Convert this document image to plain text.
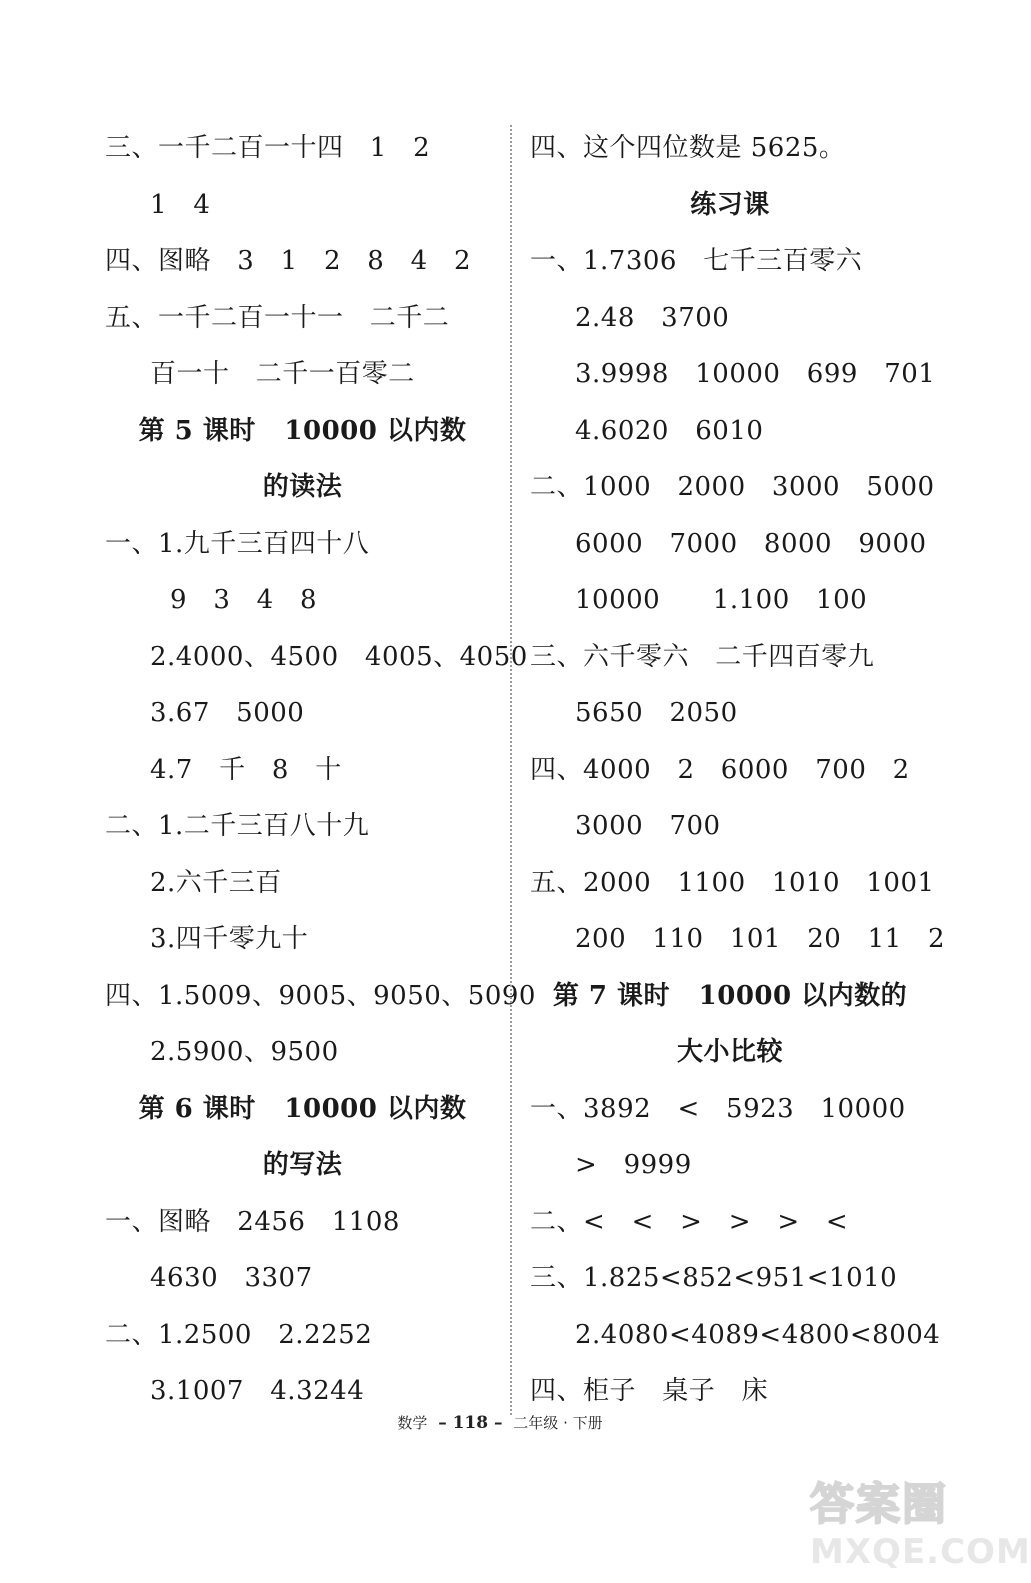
三、一千二百一十四   1   2
1   4
四、图略   3   1   2   8   4   2
五、一千二百一十一   二千二
百一十   二千一百零二
第 5 课时   10000 以内数
的读法
一、1.九千三百四十八
9   3   4   8
2.4000、4500   4005、4050
3.67   5000
4.7   千   8   十
二、1.二千三百八十九
2.六千三百
3.四千零九十
四、1.5009、9005、9050、5090
2.5900、9500
第 6 课时   10000 以内数
的写法
一、图略   2456   1108
4630   3307
二、1.2500   2.2252
3.1007   4.3244
四、这个四位数是 5625。
练习课
一、1.7306   七千三百零六
2.48   3700
3.9998   10000   699   701
4.6020   6010
二、1000   2000   3000   5000
6000   7000   8000   9000
10000      1.100   100
三、六千零六   二千四百零九
5650   2050
四、4000   2   6000   700   2
3000   700
五、2000   1100   1010   1001
200   110   101   20   11   2
第 7 课时   10000 以内数的
大小比较
一、3892   <   5923   10000
>   9999
二、<   <   >   >   >   <
三、1.825<852<951<1010
2.4080<4089<4800<8004
四、柜子   桌子   床
数学 – 118 – 二年级 · 下册
答案圈
MXQE.COM
